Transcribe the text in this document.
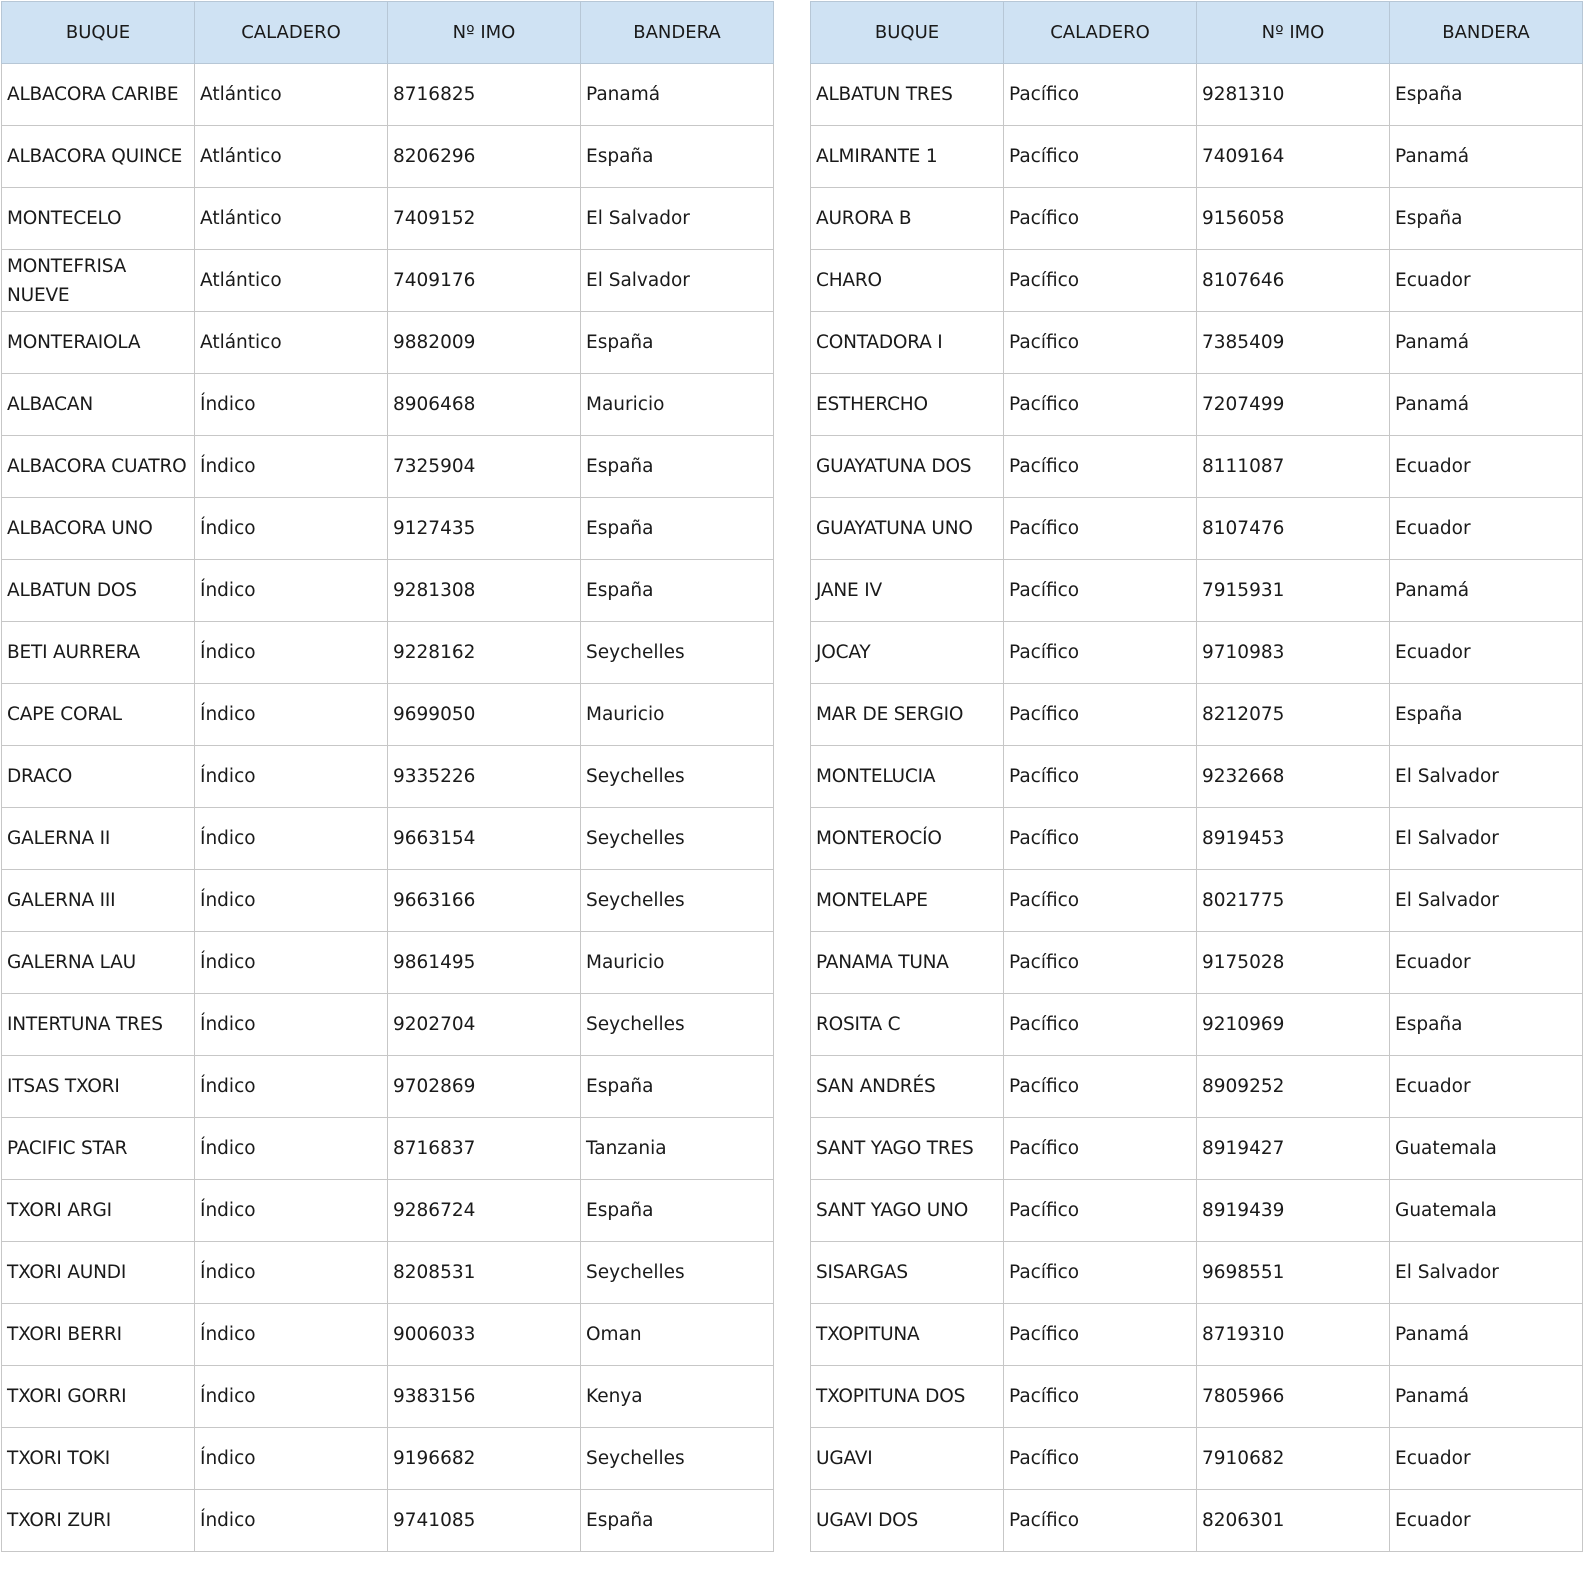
BUQUE	CALADERO	Nº IMO	BANDERA
ALBACORA CARIBE	Atlántico	8716825	Panamá
ALBACORA QUINCE	Atlántico	8206296	España
MONTECELO	Atlántico	7409152	El Salvador
MONTEFRISA NUEVE	Atlántico	7409176	El Salvador
MONTERAIOLA	Atlántico	9882009	España
ALBACAN	Índico	8906468	Mauricio
ALBACORA CUATRO	Índico	7325904	España
ALBACORA UNO	Índico	9127435	España
ALBATUN DOS	Índico	9281308	España
BETI AURRERA	Índico	9228162	Seychelles
CAPE CORAL	Índico	9699050	Mauricio
DRACO	Índico	9335226	Seychelles
GALERNA II	Índico	9663154	Seychelles
GALERNA III	Índico	9663166	Seychelles
GALERNA LAU	Índico	9861495	Mauricio
INTERTUNA TRES	Índico	9202704	Seychelles
ITSAS TXORI	Índico	9702869	España
PACIFIC STAR	Índico	8716837	Tanzania
TXORI ARGI	Índico	9286724	España
TXORI AUNDI	Índico	8208531	Seychelles
TXORI BERRI	Índico	9006033	Oman
TXORI GORRI	Índico	9383156	Kenya
TXORI TOKI	Índico	9196682	Seychelles
TXORI ZURI	Índico	9741085	España
BUQUE	CALADERO	Nº IMO	BANDERA
ALBATUN TRES	Pacífico	9281310	España
ALMIRANTE 1	Pacífico	7409164	Panamá
AURORA B	Pacífico	9156058	España
CHARO	Pacífico	8107646	Ecuador
CONTADORA I	Pacífico	7385409	Panamá
ESTHERCHO	Pacífico	7207499	Panamá
GUAYATUNA DOS	Pacífico	8111087	Ecuador
GUAYATUNA UNO	Pacífico	8107476	Ecuador
JANE IV	Pacífico	7915931	Panamá
JOCAY	Pacífico	9710983	Ecuador
MAR DE SERGIO	Pacífico	8212075	España
MONTELUCIA	Pacífico	9232668	El Salvador
MONTEROCÍO	Pacífico	8919453	El Salvador
MONTELAPE	Pacífico	8021775	El Salvador
PANAMA TUNA	Pacífico	9175028	Ecuador
ROSITA C	Pacífico	9210969	España
SAN ANDRÉS	Pacífico	8909252	Ecuador
SANT YAGO TRES	Pacífico	8919427	Guatemala
SANT YAGO UNO	Pacífico	8919439	Guatemala
SISARGAS	Pacífico	9698551	El Salvador
TXOPITUNA	Pacífico	8719310	Panamá
TXOPITUNA DOS	Pacífico	7805966	Panamá
UGAVI	Pacífico	7910682	Ecuador
UGAVI DOS	Pacífico	8206301	Ecuador
